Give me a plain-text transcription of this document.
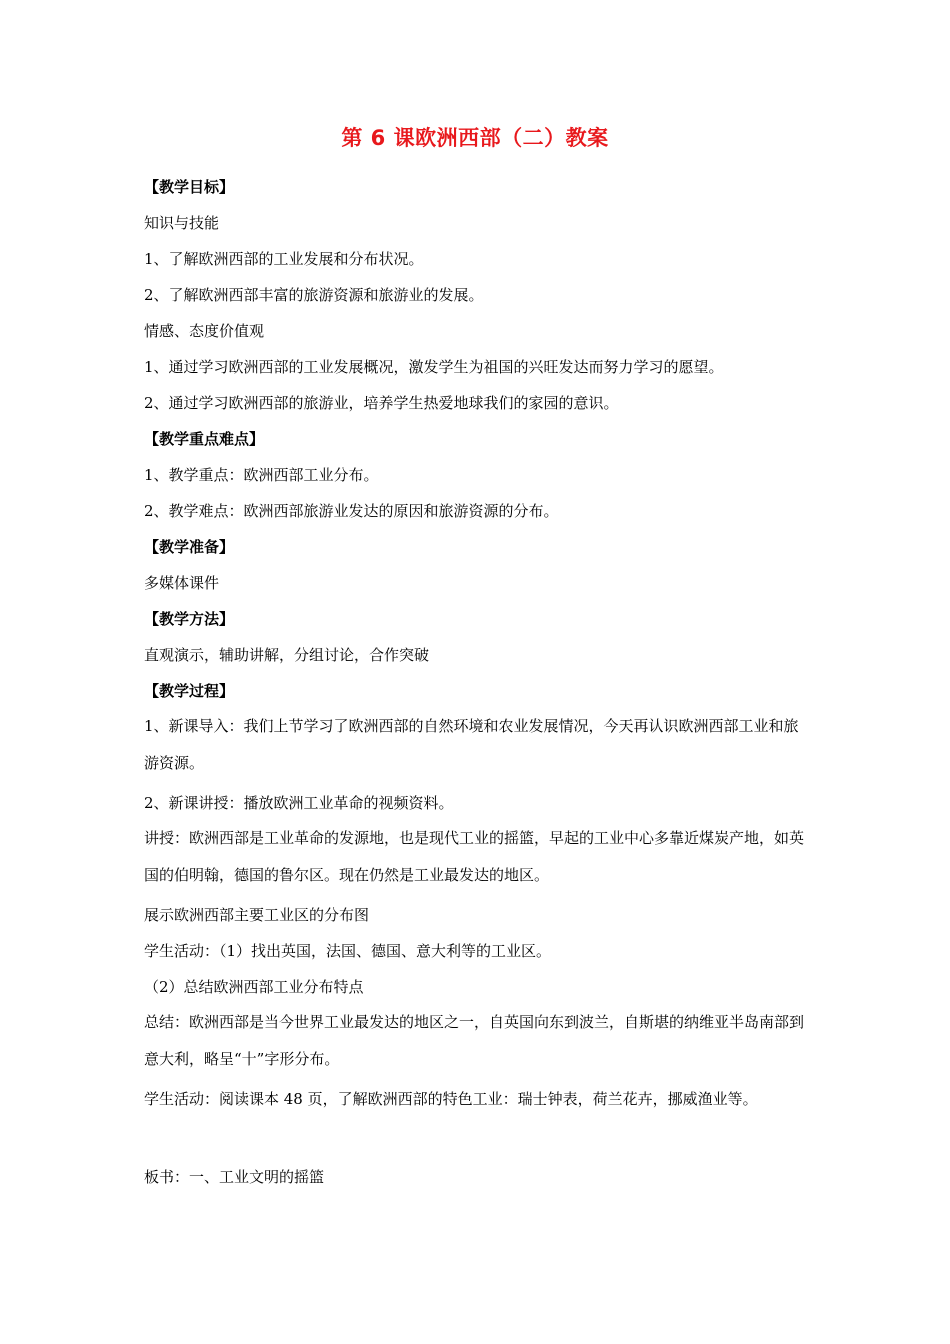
第 6 课欧洲西部（二）教案
【教学目标】
知识与技能
1、了解欧洲西部的工业发展和分布状况。
2、了解欧洲西部丰富的旅游资源和旅游业的发展。
情感、态度价值观
1、通过学习欧洲西部的工业发展概况，激发学生为祖国的兴旺发达而努力学习的愿望。
2、通过学习欧洲西部的旅游业，培养学生热爱地球我们的家园的意识。
【教学重点难点】
1、教学重点：欧洲西部工业分布。
2、教学难点：欧洲西部旅游业发达的原因和旅游资源的分布。
【教学准备】
多媒体课件
【教学方法】
直观演示，辅助讲解，分组讨论，合作突破
【教学过程】
1、新课导入：我们上节学习了欧洲西部的自然环境和农业发展情况，今天再认识欧洲西部工业和旅游资源。
2、新课讲授：播放欧洲工业革命的视频资料。
讲授：欧洲西部是工业革命的发源地，也是现代工业的摇篮，早起的工业中心多靠近煤炭产地，如英国的伯明翰，德国的鲁尔区。现在仍然是工业最发达的地区。
展示欧洲西部主要工业区的分布图
学生活动：（1）找出英国，法国、德国、意大利等的工业区。
（2）总结欧洲西部工业分布特点
总结：欧洲西部是当今世界工业最发达的地区之一，自英国向东到波兰，自斯堪的纳维亚半岛南部到意大利，略呈“十”字形分布。
学生活动：阅读课本 48 页，了解欧洲西部的特色工业：瑞士钟表，荷兰花卉，挪威渔业等。
板书：一、工业文明的摇篮
